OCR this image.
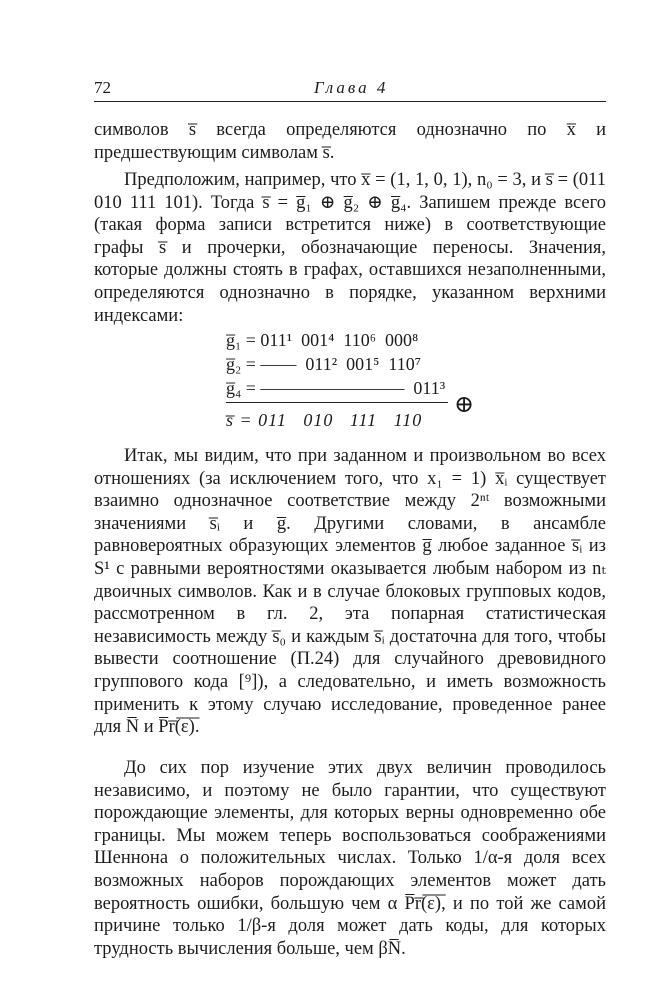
72	Глава 4
символов s̅ всегда определяются однозначно по x̅ и предшествующим символам s̅.
Предположим, например, что x̅ = (1, 1, 0, 1), n₀ = 3, и s̅ = (011 010 111 101). Тогда s̅ = g̅₁ ⊕ g̅₂ ⊕ g̅₄. Запишем прежде всего (такая форма записи встретится ниже) в соответствующие графы s̅ и прочерки, обозначающие переносы. Значения, которые должны стоять в графах, оставшихся незаполненными, определяются однозначно в порядке, указанном верхними индексами:
g̅₁ = 011¹  001⁴  110⁶  000⁸
g̅₂ = ——  011²  001⁵  110⁷
g̅₄ = ————————  011³
s̅ = 011   010   111   110
⊕
Итак, мы видим, что при заданном и произвольном во всех отношениях (за исключением того, что x₁ = 1) x̅ᵢ существует взаимно однозначное соответствие между 2ⁿᵗ возможными значениями s̅ᵢ и g̅. Другими словами, в ансамбле равновероятных образующих элементов g̅ любое заданное s̅ᵢ из S¹ с равными вероятностями оказывается любым набором из nₜ двоичных символов. Как и в случае блоковых групповых кодов, рассмотренном в гл. 2, эта попарная статистическая независимость между s̅₀ и каждым s̅ᵢ достаточна для того, чтобы вывести соотношение (П.24) для случайного древовидного группового кода [⁹]), а следовательно, и иметь возможность применить к этому случаю исследование, проведенное ранее для N̅ и P̅r̅(̅ε̅)̅.
До сих пор изучение этих двух величин проводилось независимо, и поэтому не было гарантии, что существуют порождающие элементы, для которых верны одновременно обе границы. Мы можем теперь воспользоваться соображениями Шеннона о положительных числах. Только 1/α-я доля всех возможных наборов порождающих элементов может дать вероятность ошибки, большую чем α P̅r̅(̅ε̅)̅, и по той же самой причине только 1/β-я доля может дать коды, для которых трудность вычисления больше, чем βN̅.
